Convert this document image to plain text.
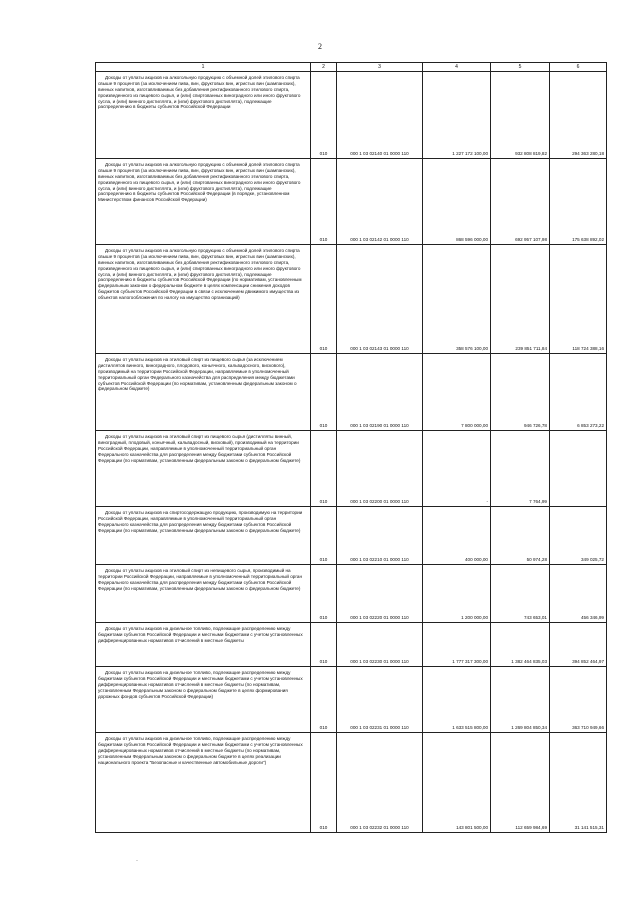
2
1	2	3	4	5	6

Доходы от уплаты акцизов на алкогольную продукцию с объемной долей этилового спирта свыше 9 процентов (за исключением пива, вин, фруктовых вин, игристых вин (шампанских), винных напитков, изготавливаемых без добавления ректификованного этилового спирта, произведенного из пищевого сырья, и (или) спиртованных виноградного или иного фруктового сусла, и (или) винного дистиллята, и (или) фруктового дистиллята), подлежащие распределению в бюджеты субъектов Российской Федерации	010	000 1 03 02140 01 0000 110	1 227 172 100,00	932 808 819,82	294 363 280,18

Доходы от уплаты акцизов на алкогольную продукцию с объемной долей этилового спирта свыше 9 процентов (за исключением пива, вин, фруктовых вин, игристых вин (шампанских), винных напитков, изготавливаемых без добавления ректификованного этилового спирта, произведенного из пищевого сырья, и (или) спиртованных виноградного или иного фруктового сусла, и (или) винного дистиллята, и (или) фруктового дистиллята), подлежащие распределению в бюджеты субъектов Российской Федерации (в порядке, установленном Министерством финансов Российской Федерации)	010	000 1 03 02142 01 0000 110	868 596 000,00	692 957 107,98	175 638 892,02

Доходы от уплаты акцизов на алкогольную продукцию с объемной долей этилового спирта свыше 9 процентов (за исключением пива, вин, фруктовых вин, игристых вин (шампанских), винных напитков, изготавливаемых без добавления ректификованного этилового спирта, произведенного из пищевого сырья, и (или) спиртованных виноградного или иного фруктового сусла, и (или) винного дистиллята, и (или) фруктового дистиллята), подлежащие распределению в бюджеты субъектов Российской Федерации (по нормативам, установленным федеральным законом о федеральном бюджете в целях компенсации снижения доходов бюджетов субъектов Российской Федерации в связи с исключением движимого имущества из объектов налогообложения по налогу на имущество организаций)	010	000 1 03 02143 01 0000 110	358 576 100,00	239 851 711,84	118 724 388,16

Доходы от уплаты акцизов на этиловый спирт из пищевого сырья (за исключением дистиллятов винного, виноградного, плодового, коньячного, кальвадосного, вискового), производимый на территории Российской Федерации, направляемые в уполномоченный территориальный орган Федерального казначейства для распределения между бюджетами субъектов Российской Федерации (по нормативам, установленным федеральным законом о федеральном бюджете)	010	000 1 03 02190 01 0000 110	7 800 000,00	946 726,78	6 853 273,22

Доходы от уплаты акцизов на этиловый спирт из пищевого сырья (дистилляты винный, виноградный, плодовый, коньячный, кальвадосный, висковый), производимый на территории Российской Федерации, направляемые в уполномоченный территориальный орган Федерального казначейства для распределения между бюджетами субъектов Российской Федерации (по нормативам, установленным федеральным законом о федеральном бюджете)	010	000 1 03 02200 01 0000 110	-	7 764,99	

Доходы от уплаты акцизов на спиртосодержащую продукцию, производимую на территории Российской Федерации, направляемые в уполномоченный территориальный орган Федерального казначейства для распределения между бюджетами субъектов Российской Федерации (по нормативам, установленным федеральным законом о федеральном бюджете)	010	000 1 03 02210 01 0000 110	400 000,00	50 974,28	349 025,72

Доходы от уплаты акцизов на этиловый спирт из непищевого сырья, производимый на территории Российской Федерации, направляемые в уполномоченный территориальный орган Федерального казначейства для распределения между бюджетами субъектов Российской Федерации (по нормативам, установленным федеральным законом о федеральном бюджете)	010	000 1 03 02220 01 0000 110	1 200 000,00	743 653,01	456 346,99

Доходы от уплаты акцизов на дизельное топливо, подлежащие распределению между бюджетами субъектов Российской Федерации и местными бюджетами с учетом установленных дифференцированных нормативов отчислений в местные бюджеты	010	000 1 03 02230 01 0000 110	1 777 317 300,00	1 382 464 835,03	394 852 464,97

Доходы от уплаты акцизов на дизельное топливо, подлежащие распределению между бюджетами субъектов Российской Федерации и местными бюджетами с учетом установленных дифференцированных нормативов отчислений в местные бюджеты (по нормативам, установленным Федеральным законом о федеральном бюджете в целях формирования дорожных фондов субъектов Российской Федерации)	010	000 1 03 02231 01 0000 110	1 633 515 800,00	1 269 804 850,34	363 710 949,66

Доходы от уплаты акцизов на дизельное топливо, подлежащие распределению между бюджетами субъектов Российской Федерации и местными бюджетами с учетом установленных дифференцированных нормативов отчислений в местные бюджеты (по нормативам, установленным Федеральным законом о федеральном бюджете в целях реализации национального проекта "Безопасные и качественные автомобильные дороги")	010	000 1 03 02232 01 0000 110	143 801 500,00	112 659 984,69	31 141 515,31
·
